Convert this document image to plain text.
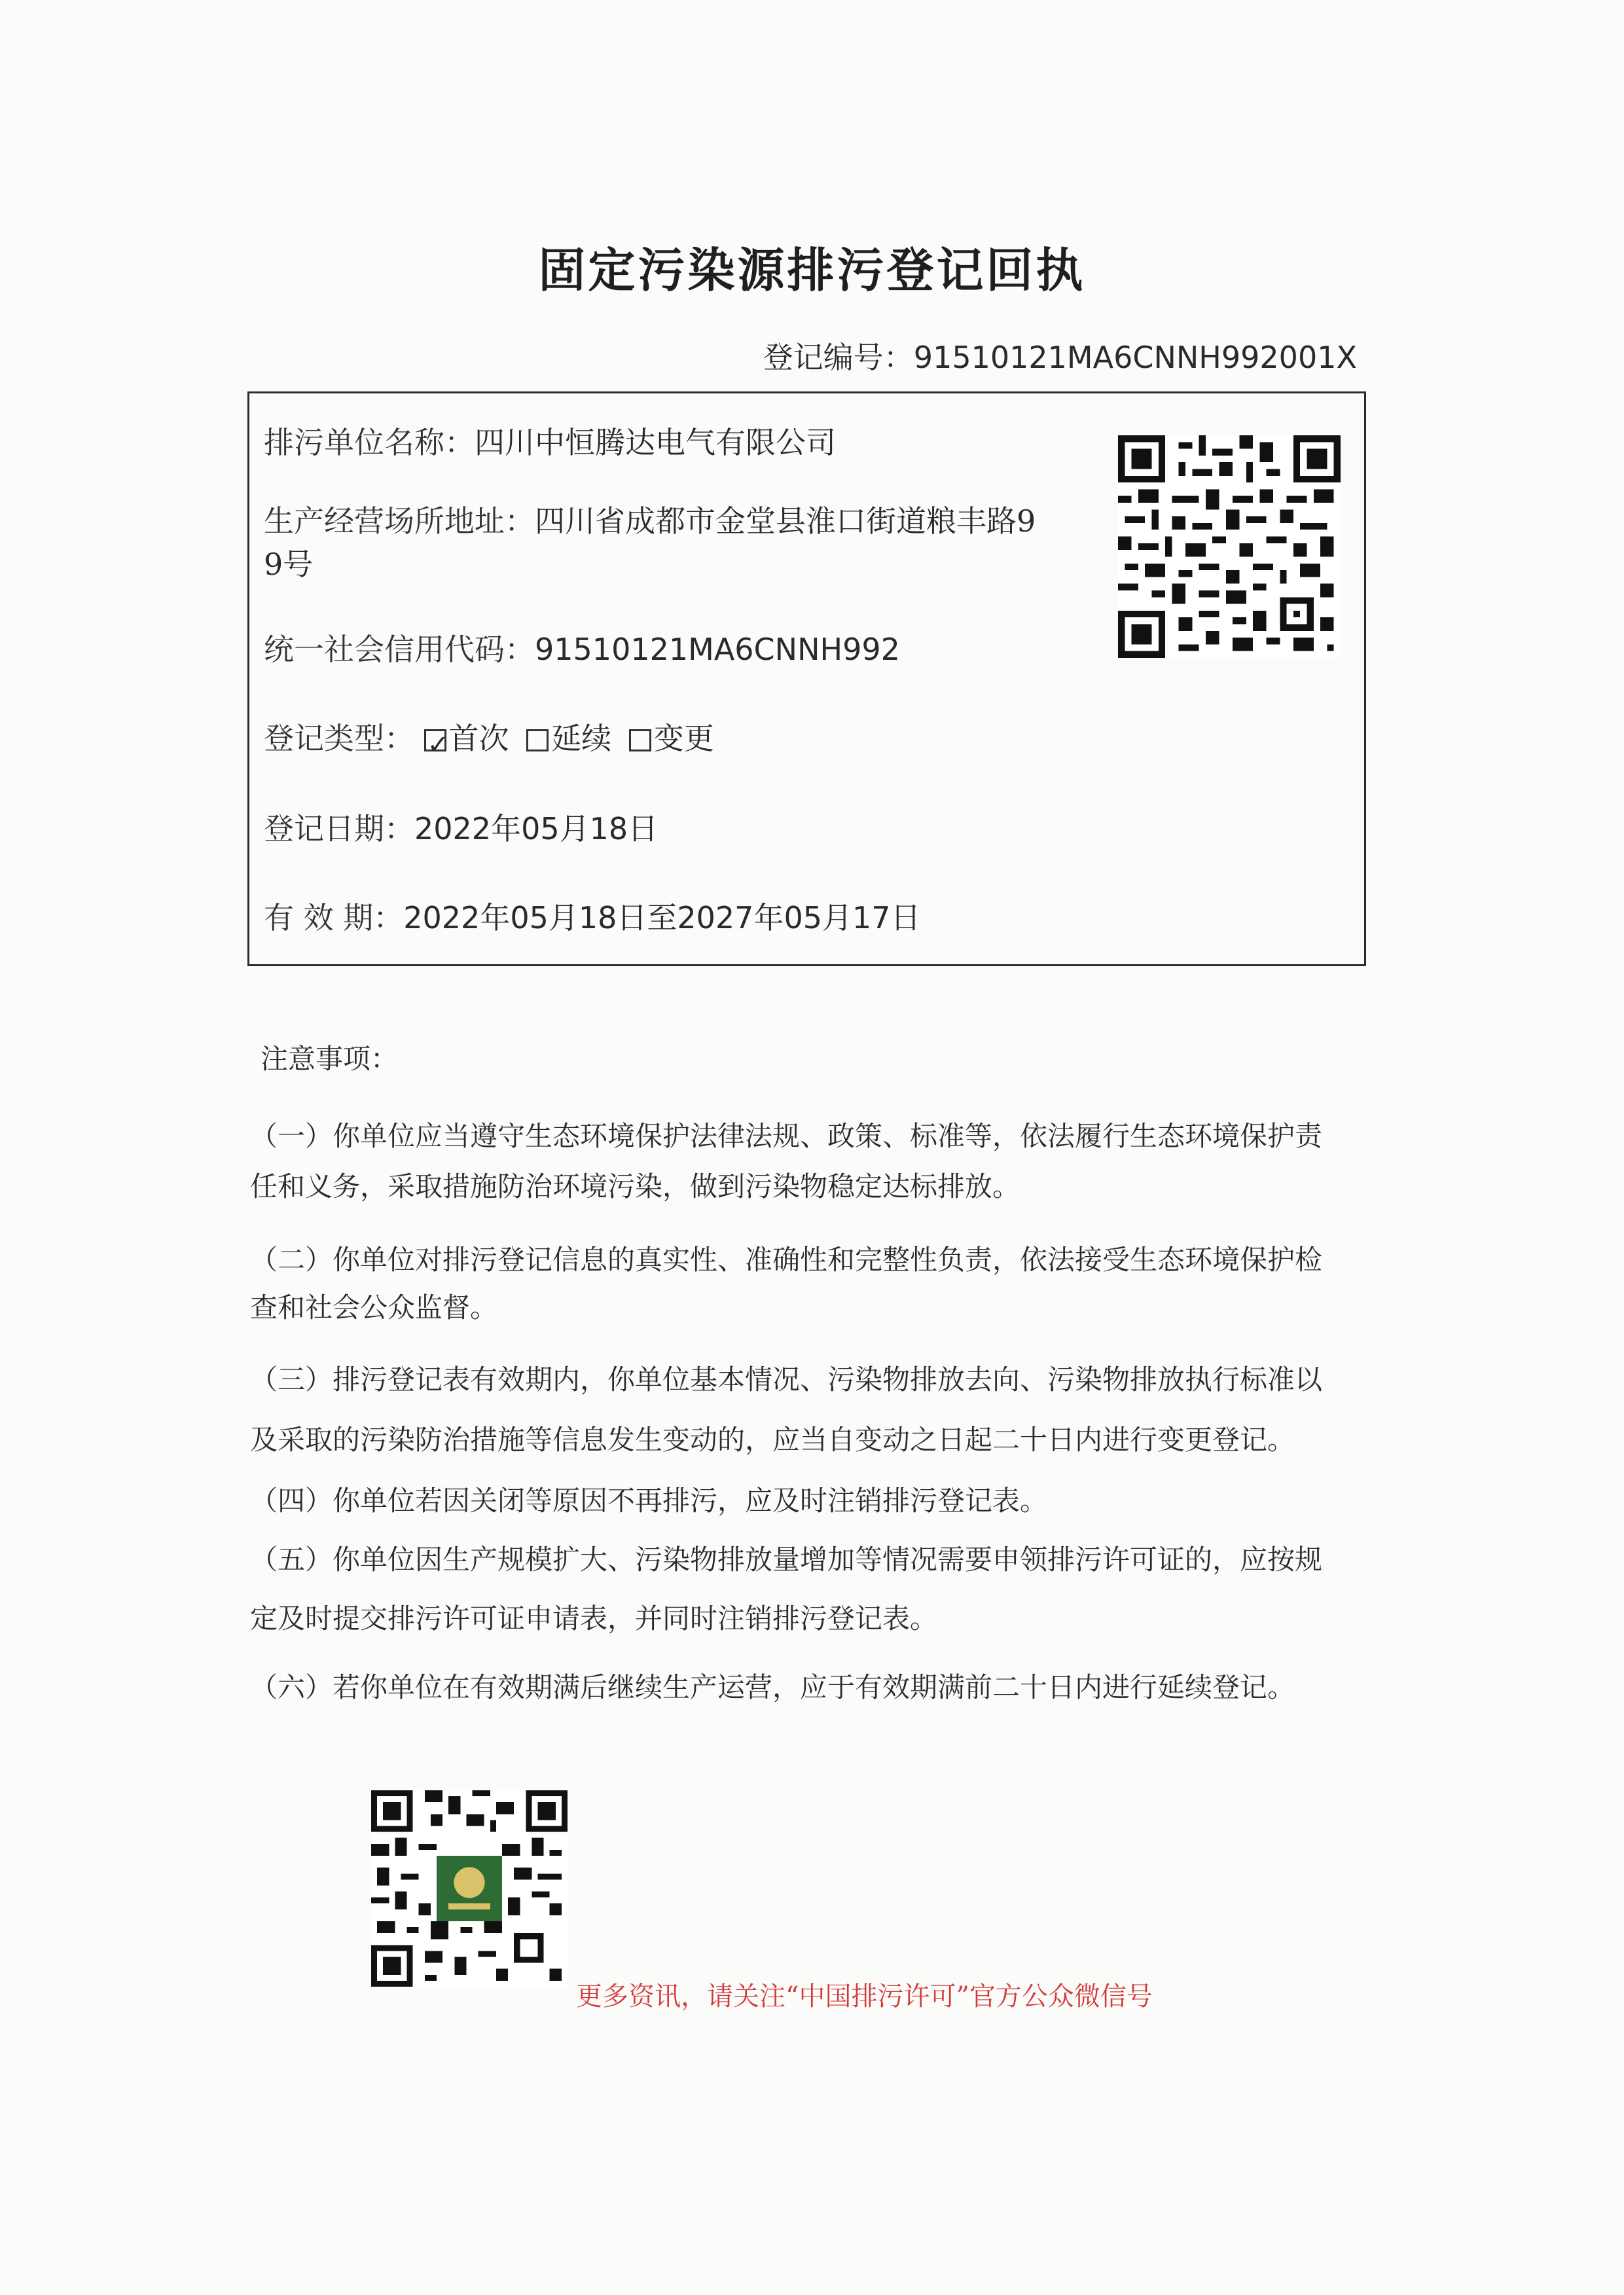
固定污染源排污登记回执
登记编号：91510121MA6CNNH992001X
排污单位名称：四川中恒腾达电气有限公司
生产经营场所地址：四川省成都市金堂县淮口街道粮丰路9
9号
统一社会信用代码：91510121MA6CNNH992
登记类型： ✓ 首次 延续 变更
登记日期：2022年05月18日
有 效 期：2022年05月18日至2027年05月17日
注意事项：
（一）你单位应当遵守生态环境保护法律法规、政策、标准等，依法履行生态环境保护责
任和义务，采取措施防治环境污染，做到污染物稳定达标排放。
（二）你单位对排污登记信息的真实性、准确性和完整性负责，依法接受生态环境保护检
查和社会公众监督。
（三）排污登记表有效期内，你单位基本情况、污染物排放去向、污染物排放执行标准以
及采取的污染防治措施等信息发生变动的，应当自变动之日起二十日内进行变更登记。
（四）你单位若因关闭等原因不再排污，应及时注销排污登记表。
（五）你单位因生产规模扩大、污染物排放量增加等情况需要申领排污许可证的，应按规
定及时提交排污许可证申请表，并同时注销排污登记表。
（六）若你单位在有效期满后继续生产运营，应于有效期满前二十日内进行延续登记。
更多资讯，请关注“中国排污许可”官方公众微信号
